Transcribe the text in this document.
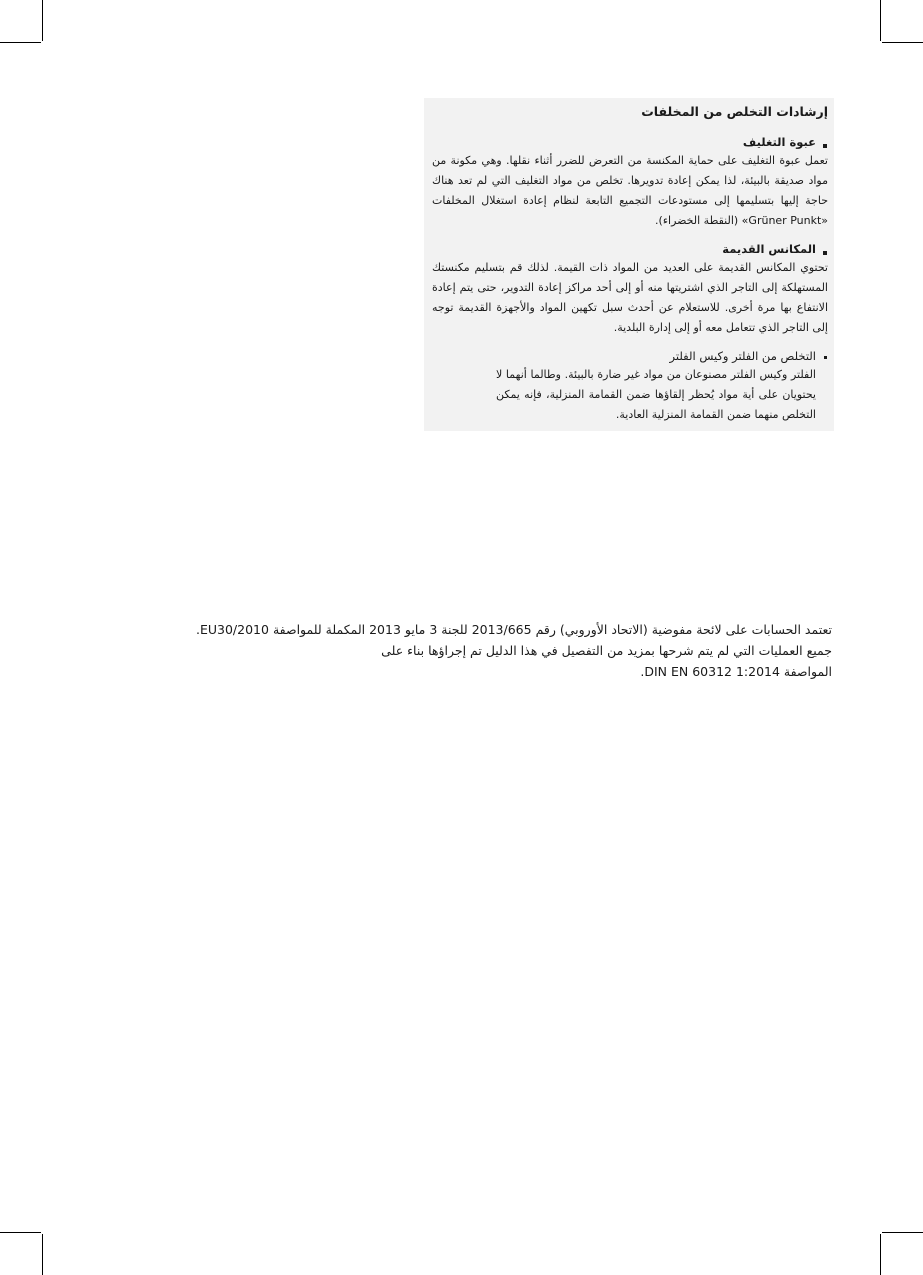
إرشادات التخلص من المخلفات
عبوة التغليف
تعمل عبوة التغليف على حماية المكنسة من التعرض للضرر أثناء نقلها. وهي مكونة من مواد صديقة بالبيئة، لذا يمكن إعادة تدويرها. تخلص من مواد التغليف التي لم تعد هناك حاجة إليها بتسليمها إلى مستودعات التجميع التابعة لنظام إعادة استغلال المخلفات «Grüner Punkt» (النقطة الخضراء).
المكانس القديمة
تحتوي المكانس القديمة على العديد من المواد ذات القيمة. لذلك قم بتسليم مكنستك المستهلكة إلى التاجر الذي اشتريتها منه أو إلى أحد مراكز إعادة التدوير، حتى يتم إعادة الانتفاع بها مرة أخرى. للاستعلام عن أحدث سبل تكهين المواد والأجهزة القديمة توجه إلى التاجر الذي تتعامل معه أو إلى إدارة البلدية.
التخلص من الفلتر وكيس الفلتر
الفلتر وكيس الفلتر مصنوعان من مواد غير ضارة بالبيئة. وطالما أنهما لا يحتويان على أية مواد يُحظر إلقاؤها ضمن القمامة المنزلية، فإنه يمكن التخلص منهما ضمن القمامة المنزلية العادية.

تعتمد الحسابات على لائحة مفوضية (الاتحاد الأوروبي) رقم 2013/665 للجنة 3 مايو 2013 المكملة للمواصفة EU30/2010.

جميع العمليات التي لم يتم شرحها بمزيد من التفصيل في هذا الدليل تم إجراؤها بناء على

المواصفة DIN EN 60312 1:2014.
